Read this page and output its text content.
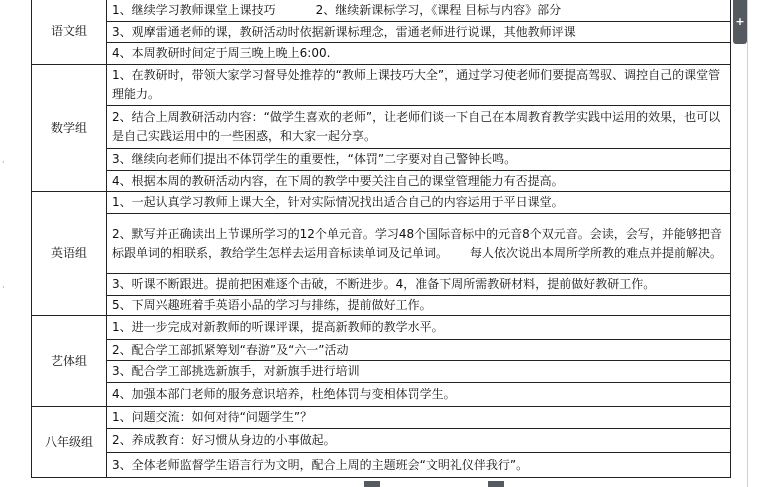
语文组	1、继续学习教师课堂上课技巧 2、继续新课标学习，《课程 目标与内容》部分
	3、观摩雷通老师的课，教研活动时依据新课标理念，雷通老师进行说课，其他教师评课
	4、本周教研时间定于周三晚上晚上6:00.
数学组	1、在教研时，带领大家学习督导处推荐的“教师上课技巧大全”，通过学习使老师们要提高驾驭、调控自己的课堂管理能力。
	2、结合上周教研活动内容：“做学生喜欢的老师”，让老师们谈一下自己在本周教育教学实践中运用的效果，也可以是自己实践运用中的一些困惑，和大家一起分享。
	3、继续向老师们提出不体罚学生的重要性，“体罚”二字要对自己警钟长鸣。
	4、根据本周的教研活动内容，在下周的教学中要关注自己的课堂管理能力有否提高。
英语组	1、一起认真学习教师上课大全，针对实际情况找出适合自己的内容运用于平日课堂。
	2、默写并正确读出上节课所学习的12个单元音。学习48个国际音标中的元音8个双元音。会读，会写，并能够把音标跟单词的相联系，教给学生怎样去运用音标读单词及记单词。 每人依次说出本周所学所教的难点并提前解决。
	3、听课不断跟进。提前把困难逐个击破，不断进步。4，准备下周所需教研材料，提前做好教研工作。
	5、下周兴趣班着手英语小品的学习与排练，提前做好工作。
艺体组	1、进一步完成对新教师的听课评课，提高新教师的教学水平。
	2、配合学工部抓紧筹划“春游”及“六一”活动
	3、配合学工部挑选新旗手，对新旗手进行培训
	4、加强本部门老师的服务意识培养，杜绝体罚与变相体罚学生。
八年级组	1、问题交流：如何对待“问题学生”？
	2、养成教育：好习惯从身边的小事做起。
	3、全体老师监督学生语言行为文明，配合上周的主题班会“文明礼仪伴我行”。
+
·
·
